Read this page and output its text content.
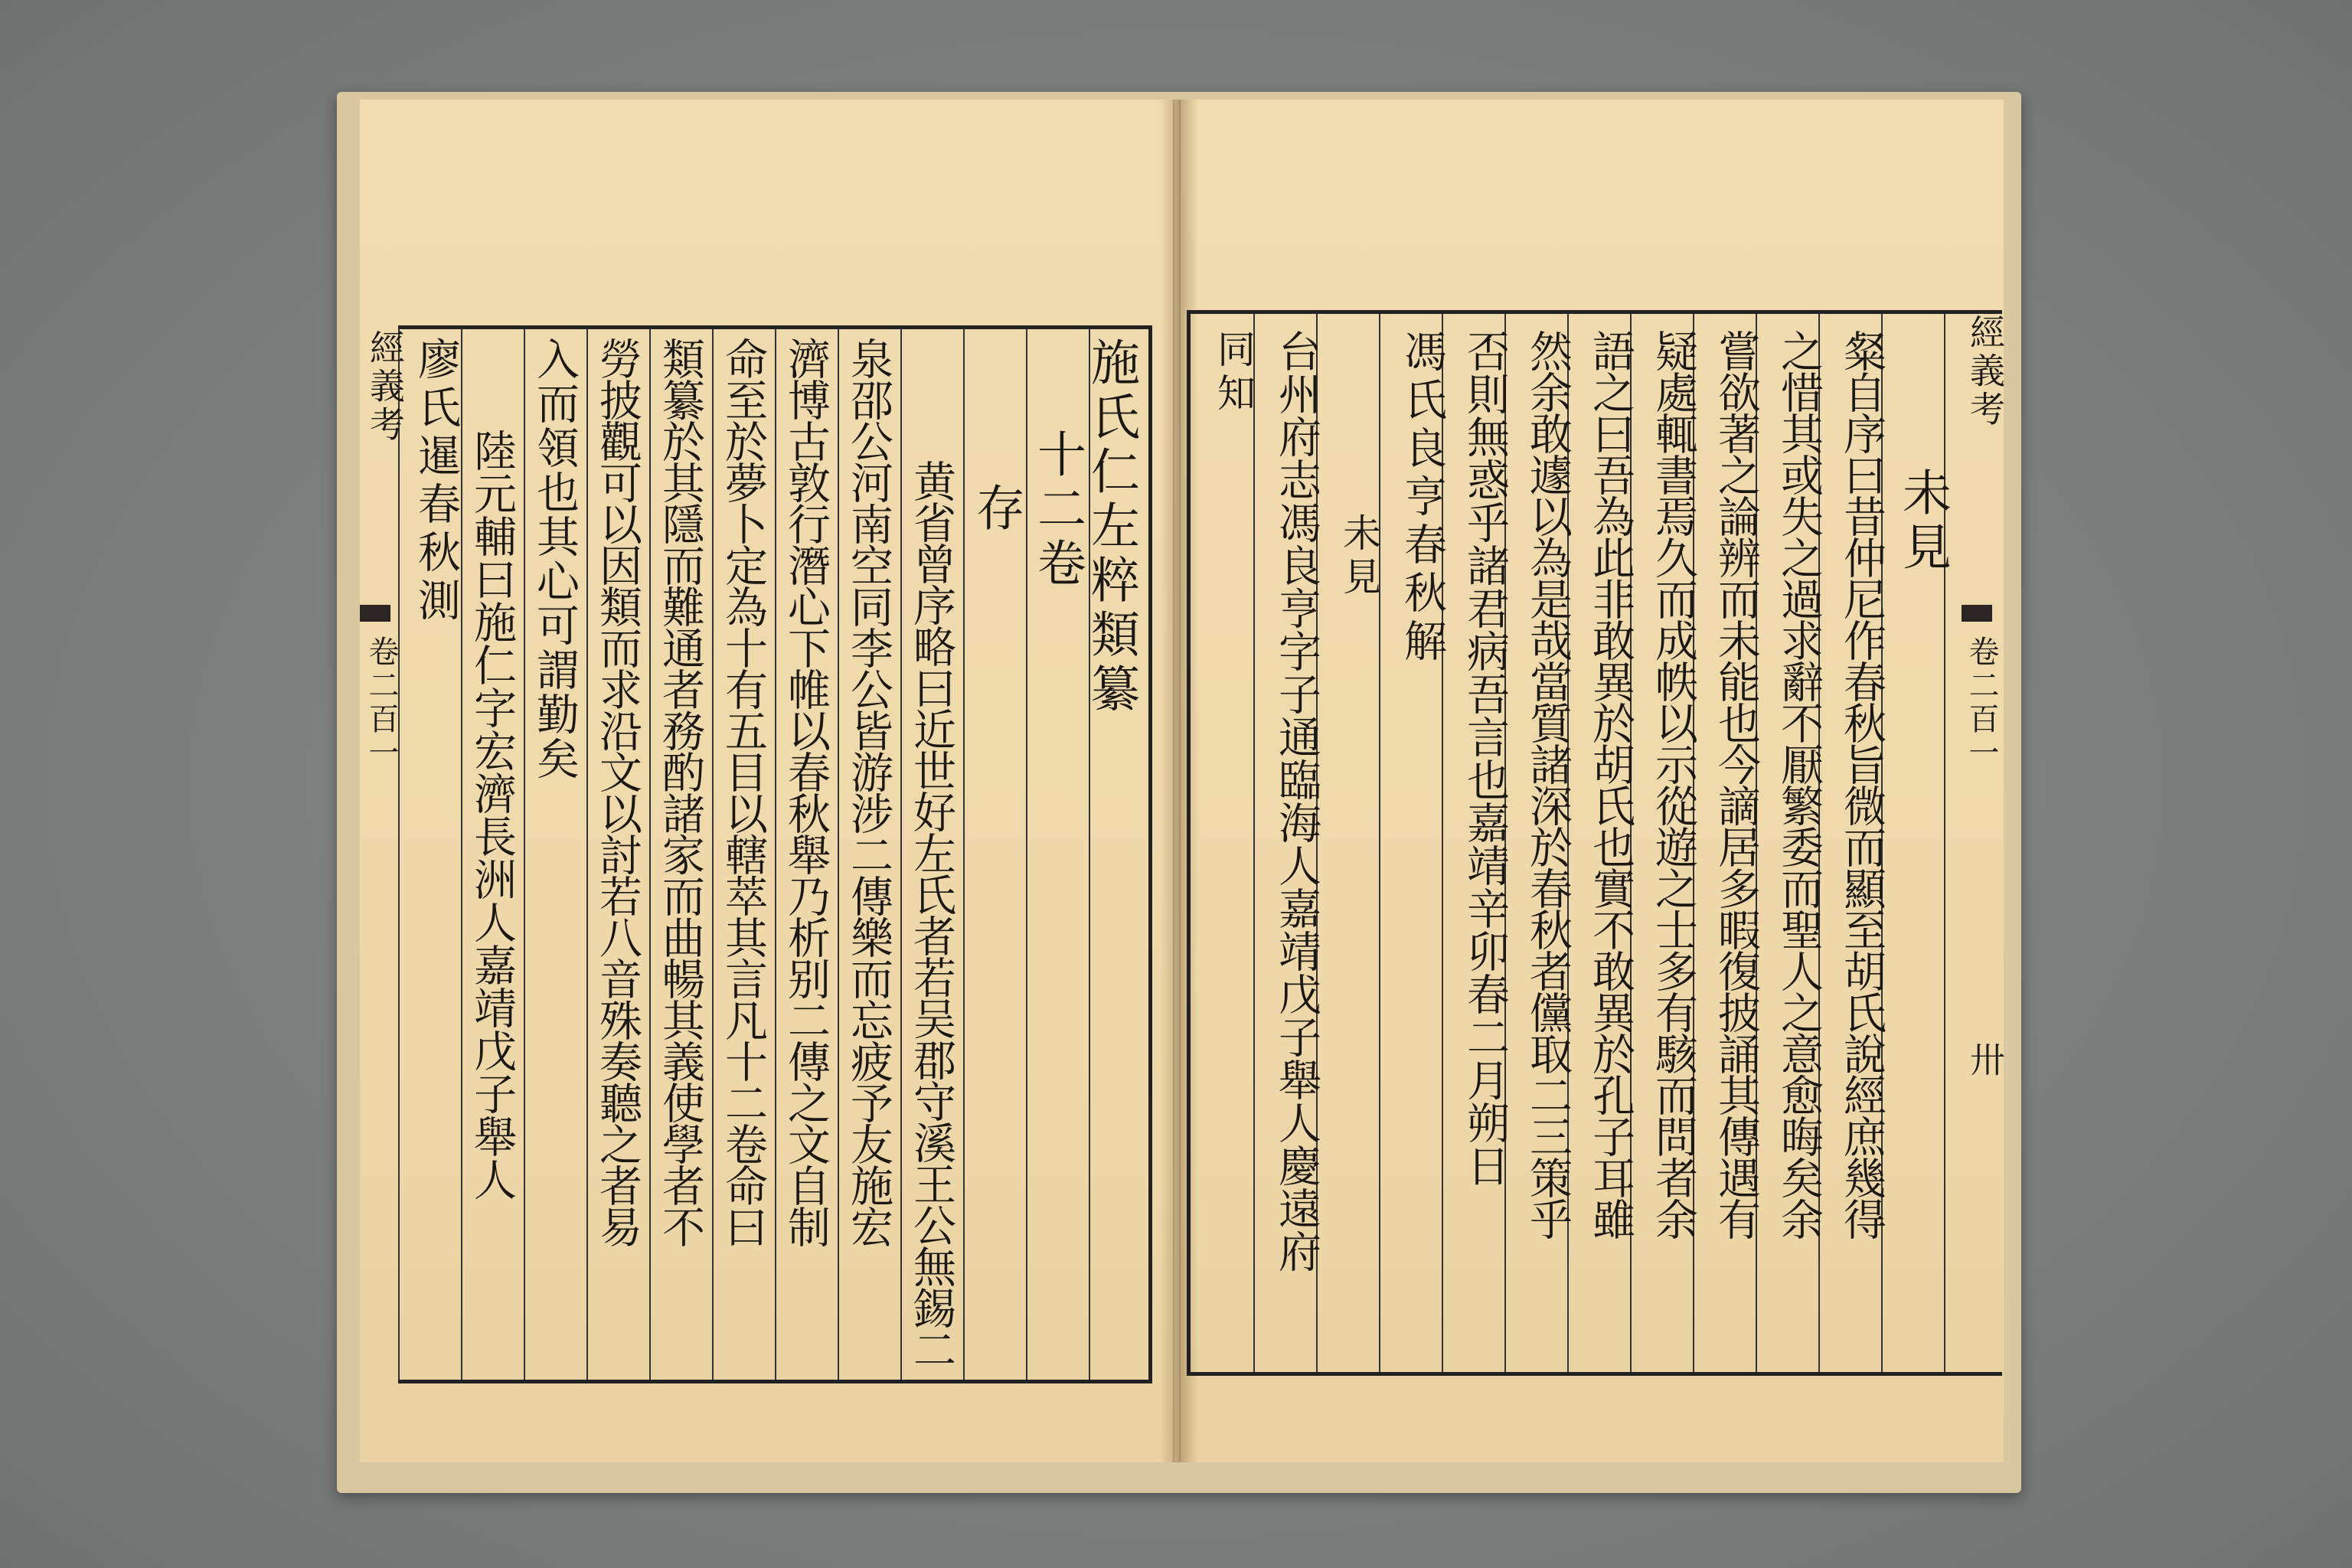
施氏仁左粹類纂
十二卷
存
黄省曾序略曰近世好左氏者若吴郡守溪王公無錫二
泉邵公河南空同李公皆游涉二傳樂而忘疲予友施宏
濟博古敦行潛心下帷以春秋舉乃析别二傳之文自制
命至於夢卜定為十有五目以轄萃其言凡十二卷命曰
類纂於其隱而難通者務酌諸家而曲暢其義使學者不
勞披觀可以因類而求沿文以討若八音殊奏聽之者易
入而領也其心可謂勤矣
陸元輔曰施仁字宏濟長洲人嘉靖戊子舉人
廖氏暹春秋測
經義考
卷二百一
未見
粲自序曰昔仲尼作春秋旨微而顯至胡氏說經庶幾得
之惜其或失之過求辭不厭繁委而聖人之意愈晦矣余
嘗欲著之論辨而未能也今謫居多暇復披誦其傳遇有
疑處輒書焉久而成帙以示從遊之士多有駭而問者余
語之曰吾為此非敢異於胡氏也實不敢異於孔子耳雖
然余敢遽以為是哉當質諸深於春秋者儻取二三策乎
否則無惑乎諸君病吾言也嘉靖辛卯春二月朔日
馮氏良亨春秋解
未見
台州府志馮良亨字子通臨海人嘉靖戊子舉人慶遠府
同知	經義考
卷二百一
卅
